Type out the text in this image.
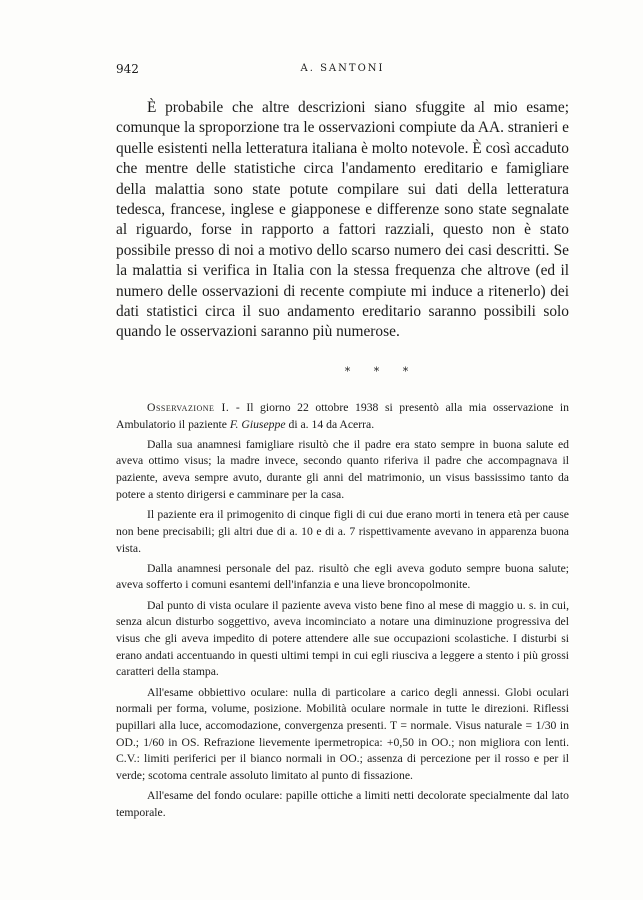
942	A. SANTONI

È probabile che altre descrizioni siano sfuggite al mio esame; comunque la sproporzione tra le osservazioni compiute da AA. stranieri e quelle esistenti nella letteratura italiana è molto notevole. È così accaduto che mentre delle statistiche circa l'andamento ereditario e famigliare della malattia sono state potute compilare sui dati della letteratura tedesca, francese, inglese e giapponese e differenze sono state segnalate al riguardo, forse in rapporto a fattori razziali, questo non è stato possibile presso di noi a motivo dello scarso numero dei casi descritti. Se la malattia si verifica in Italia con la stessa frequenza che altrove (ed il numero delle osservazioni di recente compiute mi induce a ritenerlo) dei dati statistici circa il suo andamento ereditario saranno possibili solo quando le osservazioni saranno più numerose.

* * *

Osservazione I. - Il giorno 22 ottobre 1938 si presentò alla mia osservazione in Ambulatorio il paziente F. Giuseppe di a. 14 da Acerra.

Dalla sua anamnesi famigliare risultò che il padre era stato sempre in buona salute ed aveva ottimo visus; la madre invece, secondo quanto riferiva il padre che accompagnava il paziente, aveva sempre avuto, durante gli anni del matrimonio, un visus bassissimo tanto da potere a stento dirigersi e camminare per la casa.

Il paziente era il primogenito di cinque figli di cui due erano morti in tenera età per cause non bene precisabili; gli altri due di a. 10 e di a. 7 rispettivamente avevano in apparenza buona vista.

Dalla anamnesi personale del paz. risultò che egli aveva goduto sempre buona salute; aveva sofferto i comuni esantemi dell'infanzia e una lieve broncopolmonite.

Dal punto di vista oculare il paziente aveva visto bene fino al mese di maggio u. s. in cui, senza alcun disturbo soggettivo, aveva incominciato a notare una diminuzione progressiva del visus che gli aveva impedito di potere attendere alle sue occupazioni scolastiche. I disturbi si erano andati accentuando in questi ultimi tempi in cui egli riusciva a leggere a stento i più grossi caratteri della stampa.

All'esame obbiettivo oculare: nulla di particolare a carico degli annessi. Globi oculari normali per forma, volume, posizione. Mobilità oculare normale in tutte le direzioni. Riflessi pupillari alla luce, accomodazione, convergenza presenti. T = normale. Visus naturale = 1/30 in OD.; 1/60 in OS. Refrazione lievemente ipermetropica: +0,50 in OO.; non migliora con lenti. C.V.: limiti periferici per il bianco normali in OO.; assenza di percezione per il rosso e per il verde; scotoma centrale assoluto limitato al punto di fissazione.

All'esame del fondo oculare: papille ottiche a limiti netti decolorate specialmente dal lato temporale.
